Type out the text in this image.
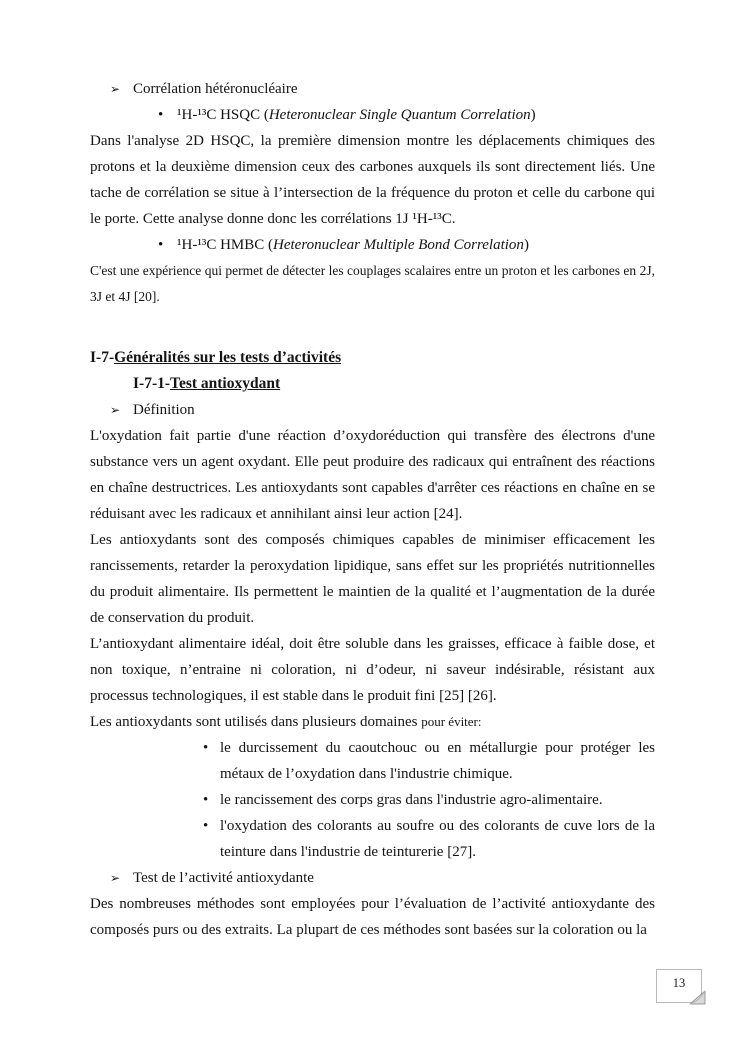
➢ Corrélation hétéronucléaire
• ¹H-¹³C HSQC (Heteronuclear Single Quantum Correlation)
Dans l'analyse 2D HSQC, la première dimension montre les déplacements chimiques des protons et la deuxième dimension ceux des carbones auxquels ils sont directement liés. Une tache de corrélation se situe à l’intersection de la fréquence du proton et celle du carbone qui le porte. Cette analyse donne donc les corrélations 1J ¹H-¹³C.
• ¹H-¹³C HMBC (Heteronuclear Multiple Bond Correlation)
C'est une expérience qui permet de détecter les couplages scalaires entre un proton et les carbones en 2J, 3J et 4J [20].
I-7-Généralités sur les tests d’activités
I-7-1-Test antioxydant
➢ Définition
L'oxydation fait partie d'une réaction d’oxydoréduction qui transfère des électrons d'une substance vers un agent oxydant. Elle peut produire des radicaux qui entraînent des réactions en chaîne destructrices. Les antioxydants sont capables d'arrêter ces réactions en chaîne en se réduisant avec les radicaux et annihilant ainsi leur action [24].
Les antioxydants sont des composés chimiques capables de minimiser efficacement les rancissements, retarder la peroxydation lipidique, sans effet sur les propriétés nutritionnelles du produit alimentaire. Ils permettent le maintien de la qualité et l’augmentation de la durée de conservation du produit.
L’antioxydant alimentaire idéal, doit être soluble dans les graisses, efficace à faible dose, et non toxique, n’entraine ni coloration, ni d’odeur, ni saveur indésirable, résistant aux processus technologiques, il est stable dans le produit fini [25] [26].
Les antioxydants sont utilisés dans plusieurs domaines pour éviter:
• le durcissement du caoutchouc ou en métallurgie pour protéger les métaux de l’oxydation dans l'industrie chimique.
• le rancissement des corps gras dans l'industrie agro-alimentaire.
• l'oxydation des colorants au soufre ou des colorants de cuve lors de la teinture dans l'industrie de teinturerie [27].
➢ Test de l’activité antioxydante
Des nombreuses méthodes sont employées pour l’évaluation de l’activité antioxydante des composés purs ou des extraits. La plupart de ces méthodes sont basées sur la coloration ou la
13
